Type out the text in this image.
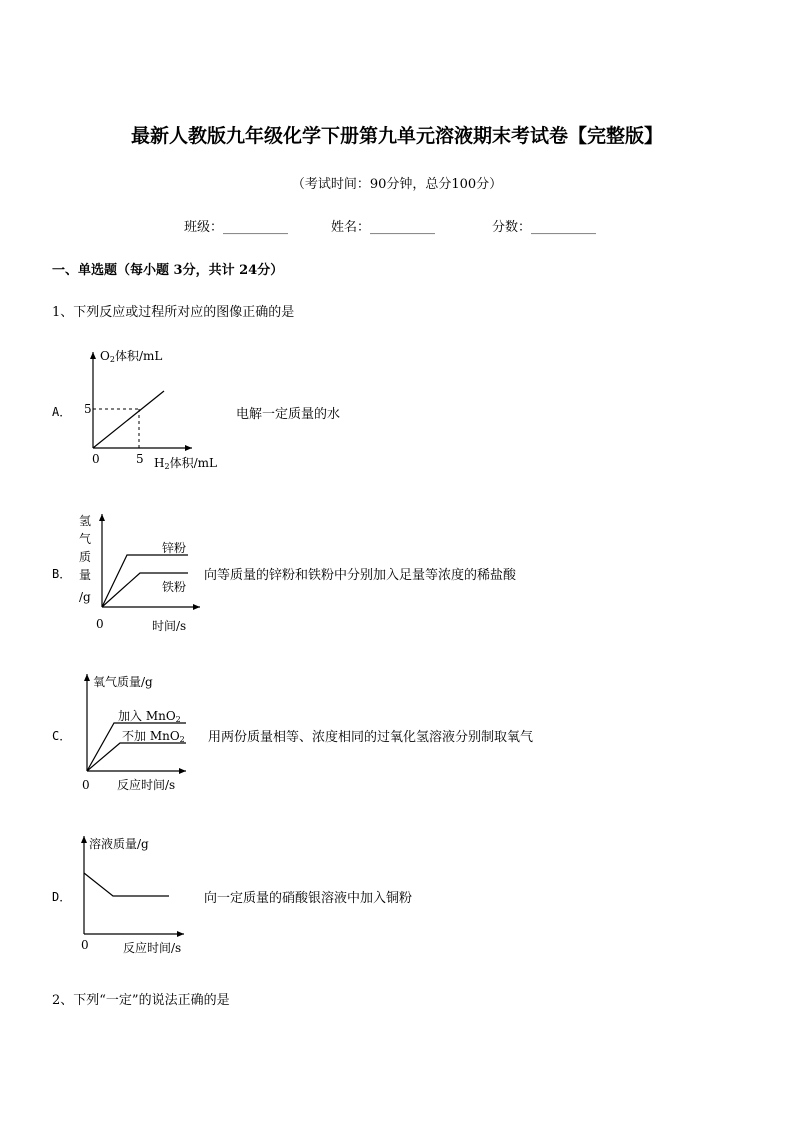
最新人教版九年级化学下册第九单元溶液期末考试卷【完整版】
（考试时间：90分钟，总分100分）
班级：__________	姓名：__________	分数：__________
一、单选题（每小题 3分，共计 24分）
1、下列反应或过程所对应的图像正确的是
A．	电解一定质量的水
O2体积/mL
H2体积/mL
0	5
5
B．	向等质量的锌粉和铁粉中分别加入足量等浓度的稀盐酸
氢
气
质
量
/g
锌粉
铁粉
0	时间/s
C．	用两份质量相等、浓度相同的过氧化氢溶液分别制取氧气
氧气质量/g
加入 MnO2
不加 MnO2
0 反应时间/s
D．	向一定质量的硝酸银溶液中加入铜粉
溶液质量/g
0	反应时间/s
2、下列“一定”的说法正确的是
